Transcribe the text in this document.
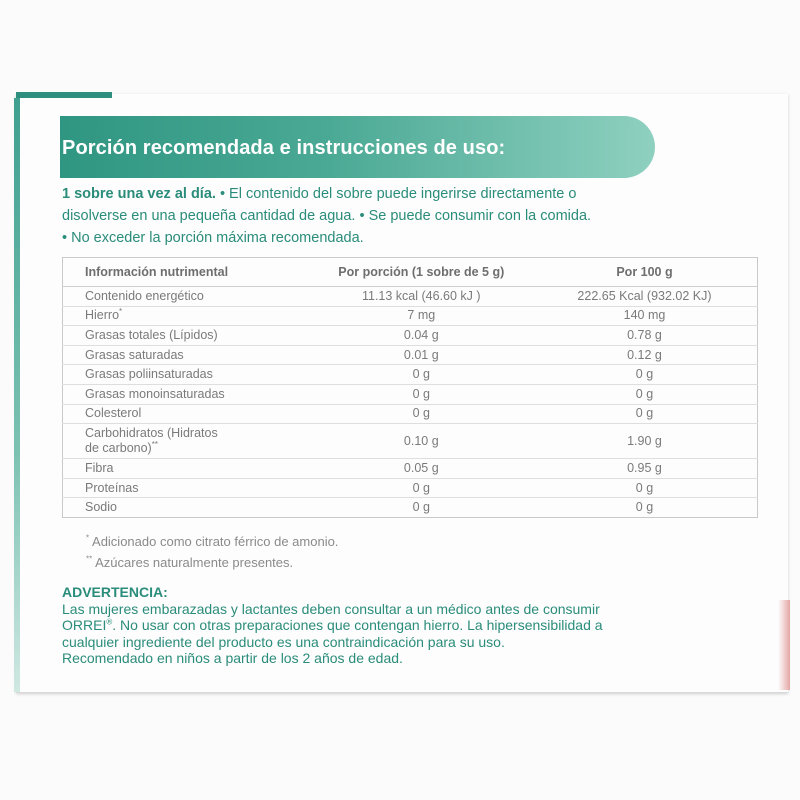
Porción recomendada e instrucciones de uso:
1 sobre una vez al día. • El contenido del sobre puede ingerirse directamente o
disolverse en una pequeña cantidad de agua. • Se puede consumir con la comida.
• No exceder la porción máxima recomendada.
Información nutrimental	Por porción (1 sobre de 5 g)	Por 100 g
Contenido energético	11.13 kcal (46.60 kJ )	222.65 Kcal (932.02 KJ)
Hierro*	7 mg	140 mg
Grasas totales (Lípidos)	0.04 g	0.78 g
Grasas saturadas	0.01 g	0.12 g
Grasas poliinsaturadas	0 g	0 g
Grasas monoinsaturadas	0 g	0 g
Colesterol	0 g	0 g

Carbohidratos (Hidratos
de carbono)**	0.10 g	1.90 g
Fibra	0.05 g	0.95 g
Proteínas	0 g	0 g
Sodio	0 g	0 g
* Adicionado como citrato férrico de amonio.
** Azúcares naturalmente presentes.
ADVERTENCIA:
Las mujeres embarazadas y lactantes deben consultar a un médico antes de consumir
ORREI®. No usar con otras preparaciones que contengan hierro. La hipersensibilidad a
cualquier ingrediente del producto es una contraindicación para su uso.
Recomendado en niños a partir de los 2 años de edad.
